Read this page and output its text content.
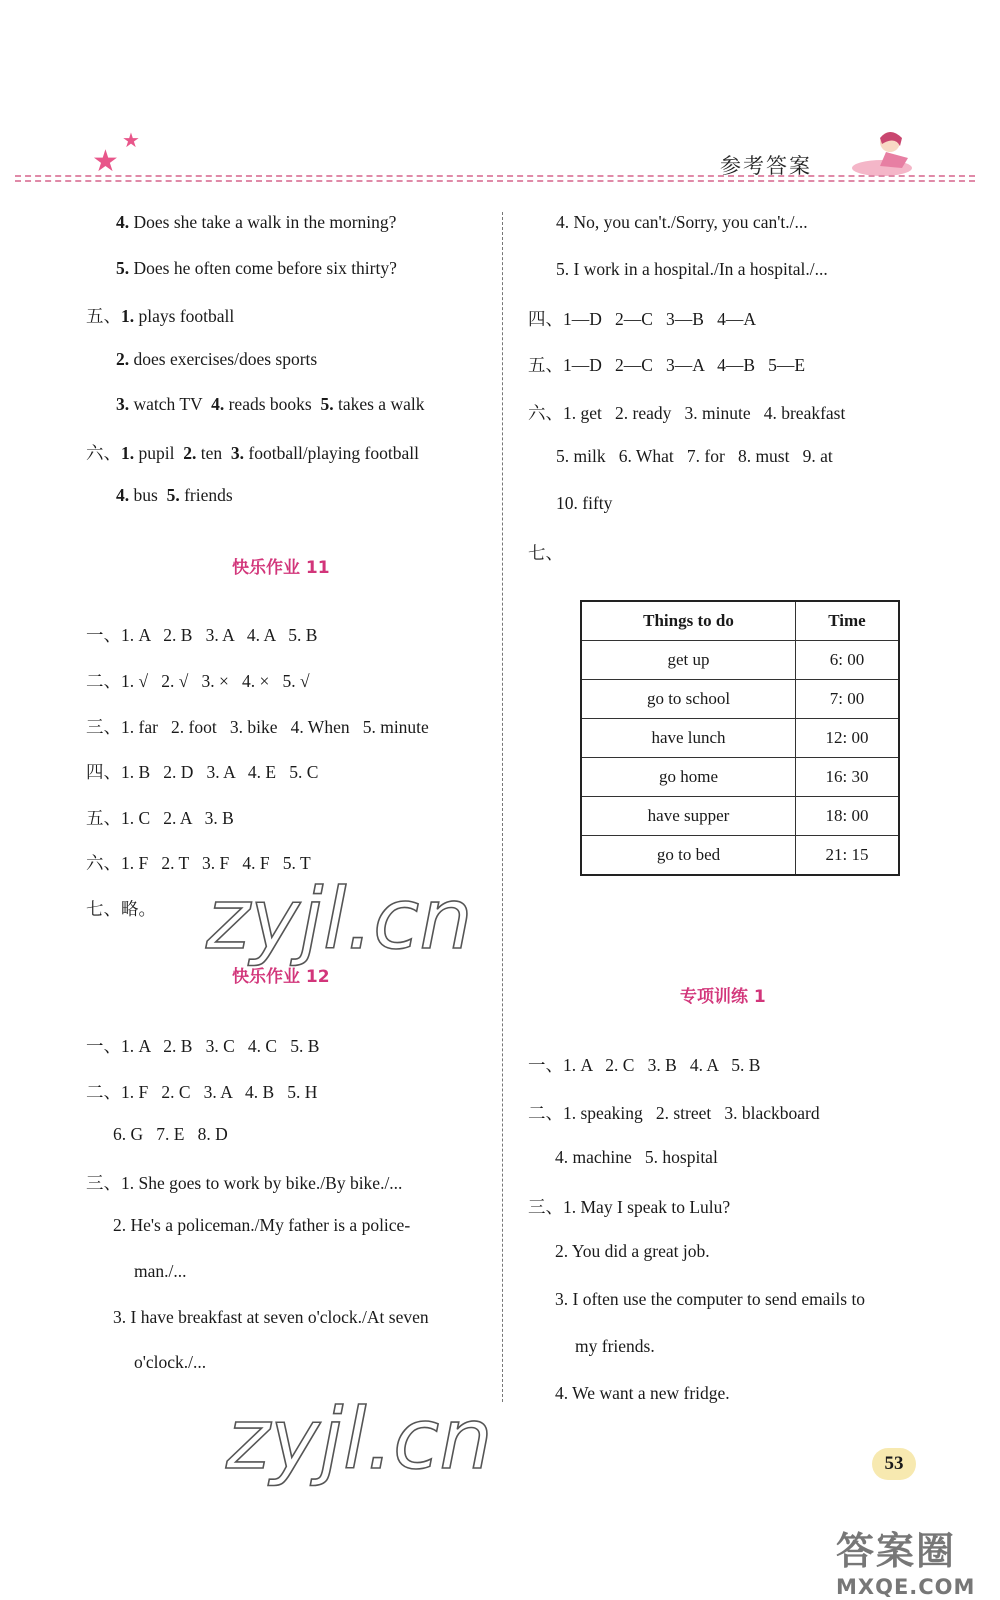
★
★
参考答案
4. Does she take a walk in the morning?
5. Does he often come before six thirty?
五、1. plays football
2. does exercises/does sports
3. watch TV  4. reads books  5. takes a walk
六、1. pupil  2. ten  3. football/playing football
4. bus  5. friends
快乐作业 11
一、1. A   2. B   3. A   4. A   5. B
二、1. √   2. √   3. ×   4. ×   5. √
三、1. far   2. foot   3. bike   4. When   5. minute
四、1. B   2. D   3. A   4. E   5. C
五、1. C   2. A   3. B
六、1. F   2. T   3. F   4. F   5. T
七、略。 zyjl.cn
快乐作业 12
一、1. A   2. B   3. C   4. C   5. B
二、1. F   2. C   3. A   4. B   5. H
6. G   7. E   8. D
三、1. She goes to work by bike./By bike./...
2. He's a policeman./My father is a police-
man./...
3. I have breakfast at seven o'clock./At seven
o'clock./...
zyjl.cn
4. No, you can't./Sorry, you can't./...
5. I work in a hospital./In a hospital./...
四、1—D   2—C   3—B   4—A
五、1—D   2—C   3—A   4—B   5—E
六、1. get   2. ready   3. minute   4. breakfast
5. milk   6. What   7. for   8. must   9. at
10. fifty
七、
Things to do	Time
get up	6: 00
go to school	7: 00
have lunch	12: 00
go home	16: 30
have supper	18: 00
go to bed	21: 15
专项训练 1
一、1. A   2. C   3. B   4. A   5. B
二、1. speaking   2. street   3. blackboard
4. machine   5. hospital
三、1. May I speak to Lulu?
2. You did a great job.
3. I often use the computer to send emails to
my friends.
4. We want a new fridge.
53
答案圈
MXQE.COM
